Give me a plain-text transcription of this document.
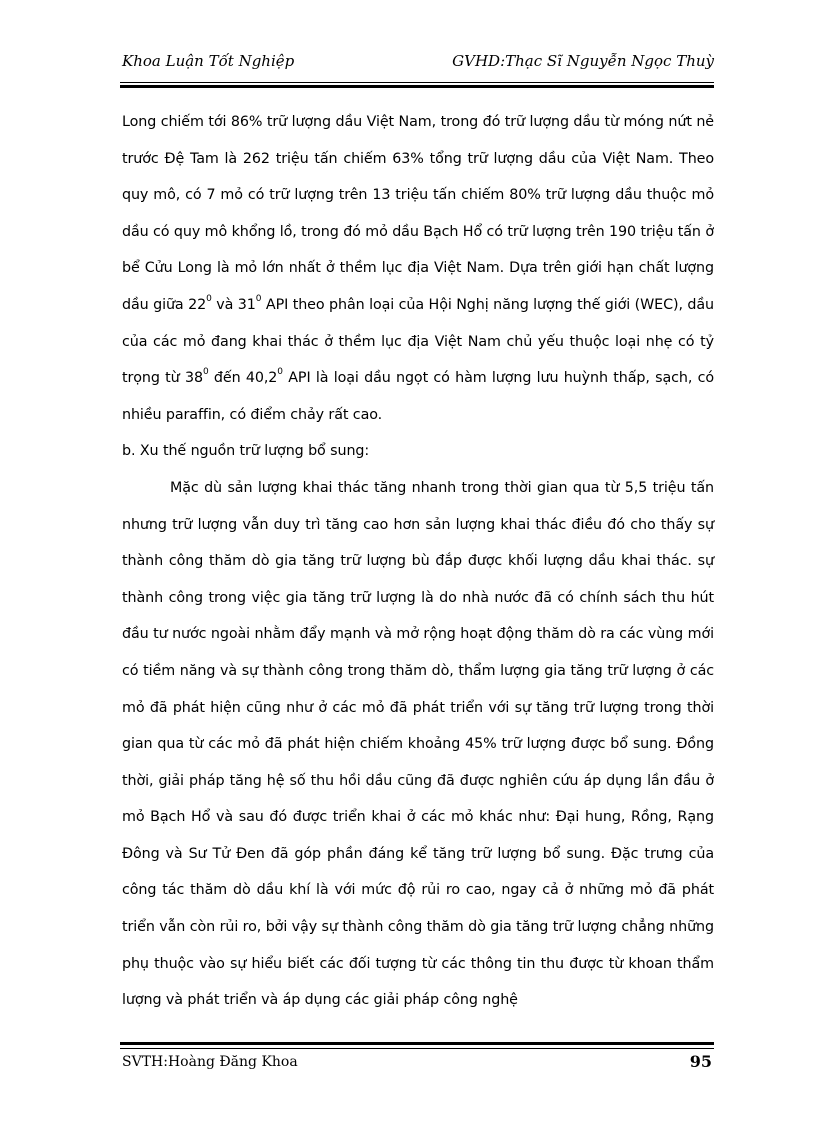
Khoa Luận Tốt Nghiệp	GVHD:Thạc Sĩ Nguyễn Ngọc Thuỳ

Long chiếm tới 86% trữ lượng dầu Việt Nam, trong đó trữ lượng dầu từ móng nứt nẻ trước Đệ Tam là 262 triệu tấn chiếm 63% tổng trữ lượng dầu của Việt Nam. Theo quy mô, có 7 mỏ có trữ lượng trên 13 triệu tấn chiếm 80% trữ lượng dầu thuộc mỏ dầu có quy mô khổng lồ, trong đó mỏ dầu Bạch Hổ có trữ lượng trên 190 triệu tấn ở bể Cửu Long là mỏ lớn nhất ở thềm lục địa Việt Nam. Dựa trên giới hạn chất lượng dầu giữa $22^0$ và $31^0$ API theo phân loại của Hội Nghị năng lượng thế giới (WEC), dầu của các mỏ đang khai thác ở thềm lục địa Việt Nam chủ yếu thuộc loại nhẹ có tỷ trọng từ $38^0$ đến 40,2$^0$ API là loại dầu ngọt có hàm lượng lưu huỳnh thấp, sạch, có nhiều paraffin, có điểm chảy rất cao.

b. Xu thế nguồn trữ lượng bổ sung:

Mặc dù sản lượng khai thác tăng nhanh trong thời gian qua từ 5,5 triệu tấn nhưng trữ lượng vẫn duy trì tăng cao hơn sản lượng khai thác điều đó cho thấy sự thành công thăm dò gia tăng trữ lượng bù đắp được khối lượng dầu khai thác. sự thành công trong việc gia tăng trữ lượng là do nhà nước đã có chính sách thu hút đầu tư nước ngoài nhằm đẩy mạnh và mở rộng hoạt động thăm dò ra các vùng mới có tiềm năng và sự thành công trong thăm dò, thẩm lượng gia tăng trữ lượng ở các mỏ đã phát hiện cũng như ở các mỏ đã phát triển với sự tăng trữ lượng trong thời gian qua từ các mỏ đã phát hiện chiếm khoảng 45% trữ lượng được bổ sung. Đồng thời, giải pháp tăng hệ số thu hồi dầu cũng đã được nghiên cứu áp dụng lần đầu ở mỏ Bạch Hổ và sau đó được triển khai ở các mỏ khác như: Đại hung, Rồng, Rạng Đông và Sư Tử Đen đã góp phần đáng kể tăng trữ lượng bổ sung. Đặc trưng của công tác thăm dò dầu khí là với mức độ rủi ro cao, ngay cả ở những mỏ đã phát triển vẫn còn rủi ro, bởi vậy sự thành công thăm dò gia tăng trữ lượng chẳng những phụ thuộc vào sự hiểu biết các đối tượng từ các thông tin thu được từ khoan thẩm lượng và phát triển và áp dụng các giải pháp công nghệ

SVTH:Hoàng Đăng Khoa	95
